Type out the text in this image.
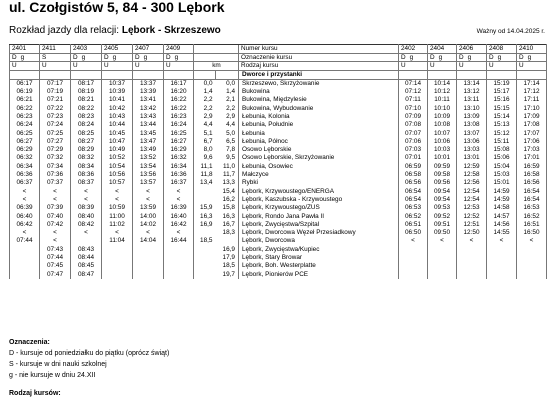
ul. Czołgistów 5, 84 - 300 Lębork
Rozkład jazdy dla relacji: Lębork - Skrzeszewo	Ważny od 14.04.2025 r.
2401	2411	2403	2405	2407	2409			Numer kursu	2402	2404	2406	2408	2410
D g	S	D g	D g	D g	D g			Oznaczenie kursu	D g	D g	D g	D g	D g
U	U	U	U	U	U	km		Rodzaj kursu	U	U	U	U	U
								Dworce i przystanki					
06:17	07:17	08:17	10:37	13:37	16:17	0,0	0,0	Skrzeszewo, Skrzyżowanie	07:14	10:14	13:14	15:19	17:14
06:19	07:19	08:19	10:39	13:39	16:20	1,4	1,4	Bukowina	07:12	10:12	13:12	15:17	17:12
06:21	07:21	08:21	10:41	13:41	16:22	2,2	2,1	Bukowina, Międzylesie	07:11	10:11	13:11	15:16	17:11
06:22	07:22	08:22	10:42	13:42	16:22	2,2	2,2	Bukowina, Wybudowanie	07:10	10:10	13:10	15:15	17:10
06:23	07:23	08:23	10:43	13:43	16:23	2,9	2,9	Łebunia, Kolonia	07:09	10:09	13:09	15:14	17:09
06:24	07:24	08:24	10:44	13:44	16:24	4,4	4,4	Łebunia, Południe	07:08	10:08	13:08	15:13	17:08
06:25	07:25	08:25	10:45	13:45	16:25	5,1	5,0	Łebunia	07:07	10:07	13:07	15:12	17:07
06:27	07:27	08:27	10:47	13:47	16:27	6,7	6,5	Łebunia, Północ	07:06	10:06	13:06	15:11	17:06
06:29	07:29	08:29	10:49	13:49	16:29	8,0	7,8	Osowo Lęborskie	07:03	10:03	13:03	15:08	17:03
06:32	07:32	08:32	10:52	13:52	16:32	9,6	9,5	Osowo Lęborskie, Skrzyżowanie	07:01	10:01	13:01	15:06	17:01
06:34	07:34	08:34	10:54	13:54	16:34	11,1	11,0	Łebunia, Osowiec	06:59	09:59	12:59	15:04	16:59
06:36	07:36	08:36	10:56	13:56	16:36	11,8	11,7	Małczyce	06:58	09:58	12:58	15:03	16:58
06:37	07:37	08:37	10:57	13:57	16:37	13,4	13,3	Rybki	06:56	09:56	12:56	15:01	16:56
<	<	<	<	<	<		15,4	Lębork, Krzywoustego/ENERGA	06:54	09:54	12:54	14:59	16:54
<	<	<	<	<	<		16,2	Lębork, Kaszubska - Krzywoustego	06:54	09:54	12:54	14:59	16:54
06:39	07:39	08:39	10:59	13:59	16:39	15,9	15,8	Lębork, Krzywoustego/ZUS	06:53	09:53	12:53	14:58	16:53
06:40	07:40	08:40	11:00	14:00	16:40	16,3	16,3	Lębork, Rondo Jana Pawła II	06:52	09:52	12:52	14:57	16:52
06:42	07:42	08:42	11:02	14:02	16:42	16,9	16,7	Lębork, Zwycięstwa/Szpital	06:51	09:51	12:51	14:56	16:51
<	<	<	<	<	<		18,3	Lębork, Dworcowa Węzeł Przesiadkowy	06:50	09:50	12:50	14:55	16:50
07:44	<		11:04	14:04	16:44	18,5		Lębork, Dworcowa	<	<	<	<	<
	07:43	08:43					16,9	Lębork, Zwycięstwa/Kupiec					
	07:44	08:44					17,9	Lębork, Stary Browar					
	07:45	08:45					18,5	Lębork, Boh. Westerplatte					
	07:47	08:47					19,7	Lębork, Pionierów PCE					
Oznaczenia:
D - kursuje od poniedziałku do piątku (oprócz świąt)
S - kursuje w dni nauki szkolnej
g - nie kursuje w dniu 24.XII
Rodzaj kursów:
